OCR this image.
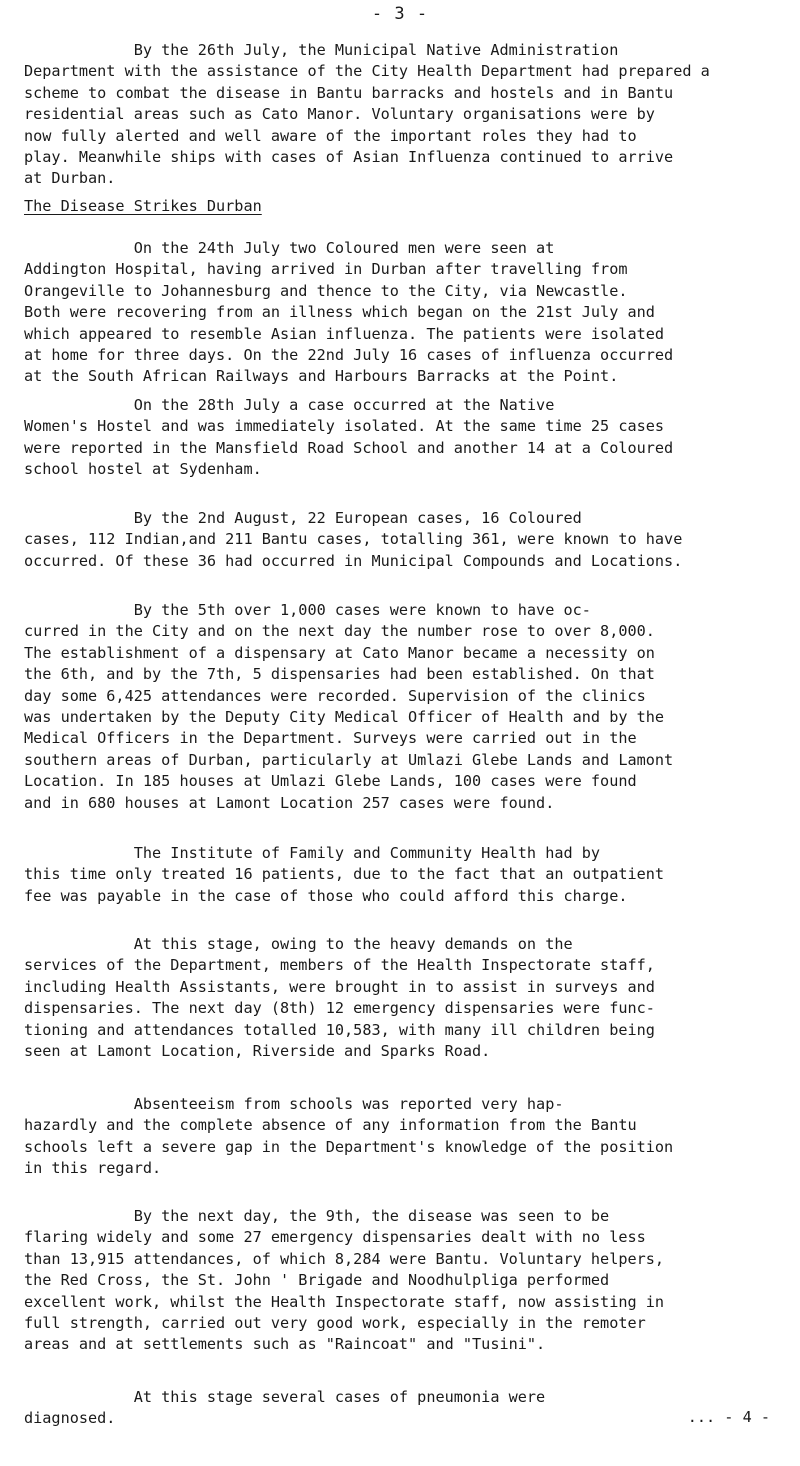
- 3 -

By the 26th July, the Municipal Native Administration
Department with the assistance of the City Health Department had prepared a
scheme to combat the disease in Bantu barracks and hostels and in Bantu
residential areas such as Cato Manor. Voluntary organisations were by
now fully alerted and well aware of the important roles they had to
play. Meanwhile ships with cases of Asian Influenza continued to arrive
at Durban.

The Disease Strikes Durban

On the 24th July two Coloured men were seen at
Addington Hospital, having arrived in Durban after travelling from
Orangeville to Johannesburg and thence to the City, via Newcastle.
Both were recovering from an illness which began on the 21st July and
which appeared to resemble Asian influenza. The patients were isolated
at home for three days. On the 22nd July 16 cases of influenza occurred
at the South African Railways and Harbours Barracks at the Point.

On the 28th July a case occurred at the Native
Women's Hostel and was immediately isolated. At the same time 25 cases
were reported in the Mansfield Road School and another 14 at a Coloured
school hostel at Sydenham.

By the 2nd August, 22 European cases, 16 Coloured
cases, 112 Indian,and 211 Bantu cases, totalling 361, were known to have
occurred. Of these 36 had occurred in Municipal Compounds and Locations.

By the 5th over 1,000 cases were known to have oc-
curred in the City and on the next day the number rose to over 8,000.
The establishment of a dispensary at Cato Manor became a necessity on
the 6th, and by the 7th, 5 dispensaries had been established. On that
day some 6,425 attendances were recorded. Supervision of the clinics
was undertaken by the Deputy City Medical Officer of Health and by the
Medical Officers in the Department. Surveys were carried out in the
southern areas of Durban, particularly at Umlazi Glebe Lands and Lamont
Location. In 185 houses at Umlazi Glebe Lands, 100 cases were found
and in 680 houses at Lamont Location 257 cases were found.

The Institute of Family and Community Health had by
this time only treated 16 patients, due to the fact that an outpatient
fee was payable in the case of those who could afford this charge.

At this stage, owing to the heavy demands on the
services of the Department, members of the Health Inspectorate staff,
including Health Assistants, were brought in to assist in surveys and
dispensaries. The next day (8th) 12 emergency dispensaries were func-
tioning and attendances totalled 10,583, with many ill children being
seen at Lamont Location, Riverside and Sparks Road.

Absenteeism from schools was reported very hap-
hazardly and the complete absence of any information from the Bantu
schools left a severe gap in the Department's knowledge of the position
in this regard.

By the next day, the 9th, the disease was seen to be
flaring widely and some 27 emergency dispensaries dealt with no less
than 13,915 attendances, of which 8,284 were Bantu. Voluntary helpers,
the Red Cross, the St. John ' Brigade and Noodhulpliga performed
excellent work, whilst the Health Inspectorate staff, now assisting in
full strength, carried out very good work, especially in the remoter
areas and at settlements such as "Raincoat" and "Tusini".

At this stage several cases of pneumonia were
diagnosed.	... - 4 -
